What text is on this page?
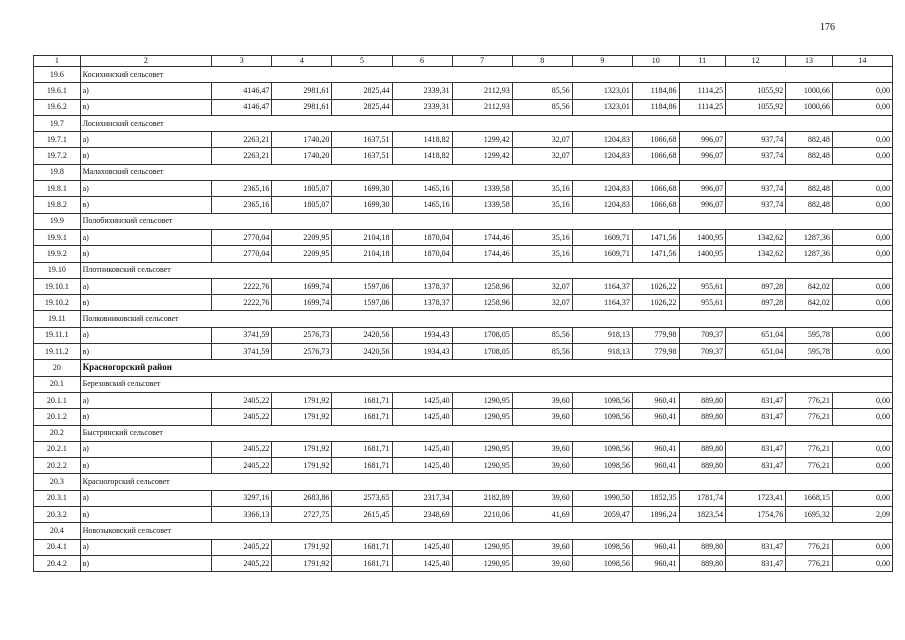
176
1	2	3	4	5	6	7	8	9	10	11	12	13	14
19.6	Косихинский сельсовет												
19.6.1	а)	4146,47	2981,61	2825,44	2339,31	2112,93	85,56	1323,01	1184,86	1114,25	1055,92	1000,66	0,00
19.6.2	в)	4146,47	2981,61	2825,44	2339,31	2112,93	85,56	1323,01	1184,86	1114,25	1055,92	1000,66	0,00
19.7	Лосихинский сельсовет												
19.7.1	а)	2263,21	1740,20	1637,51	1418,82	1299,42	32,07	1204,83	1066,68	996,07	937,74	882,48	0,00
19.7.2	в)	2263,21	1740,20	1637,51	1418,82	1299,42	32,07	1204,83	1066,68	996,07	937,74	882,48	0,00
19.8	Малаховский сельсовет												
19.8.1	а)	2365,16	1805,07	1699,30	1465,16	1339,58	35,16	1204,83	1066,68	996,07	937,74	882,48	0,00
19.8.2	в)	2365,16	1805,07	1699,30	1465,16	1339,58	35,16	1204,83	1066,68	996,07	937,74	882,48	0,00
19.9	Полобихинский сельсовет												
19.9.1	а)	2770,04	2209,95	2104,18	1870,04	1744,46	35,16	1609,71	1471,56	1400,95	1342,62	1287,36	0,00
19.9.2	в)	2770,04	2209,95	2104,18	1870,04	1744,46	35,16	1609,71	1471,56	1400,95	1342,62	1287,36	0,00
19.10	Плотниковский сельсовет												
19.10.1	а)	2222,76	1699,74	1597,06	1378,37	1258,96	32,07	1164,37	1026,22	955,61	897,28	842,02	0,00
19.10.2	в)	2222,76	1699,74	1597,06	1378,37	1258,96	32,07	1164,37	1026,22	955,61	897,28	842,02	0,00
19.11	Полковниковский сельсовет												
19.11.1	а)	3741,59	2576,73	2420,56	1934,43	1708,05	85,56	918,13	779,98	709,37	651,04	595,78	0,00
19.11.2	в)	3741,59	2576,73	2420,56	1934,43	1708,05	85,56	918,13	779,98	709,37	651,04	595,78	0,00
20	Красногорский район												
20.1	Березовский сельсовет												
20.1.1	а)	2405,22	1791,92	1681,71	1425,40	1290,95	39,60	1098,56	960,41	889,80	831,47	776,21	0,00
20.1.2	в)	2405,22	1791,92	1681,71	1425,40	1290,95	39,60	1098,56	960,41	889,80	831,47	776,21	0,00
20.2	Быстрянский сельсовет												
20.2.1	а)	2405,22	1791,92	1681,71	1425,40	1290,95	39,60	1098,56	960,41	889,80	831,47	776,21	0,00
20.2.2	в)	2405,22	1791,92	1681,71	1425,40	1290,95	39,60	1098,56	960,41	889,80	831,47	776,21	0,00
20.3	Красногорский сельсовет												
20.3.1	а)	3297,16	2683,86	2573,65	2317,34	2182,89	39,60	1990,50	1852,35	1781,74	1723,41	1668,15	0,00
20.3.2	в)	3366,13	2727,75	2615,45	2348,69	2210,06	41,69	2059,47	1896,24	1823,54	1754,76	1695,32	2,09
20.4	Новозыковский сельсовет												
20.4.1	а)	2405,22	1791,92	1681,71	1425,40	1290,95	39,60	1098,56	960,41	889,80	831,47	776,21	0,00
20.4.2	в)	2405,22	1791,92	1681,71	1425,40	1290,95	39,60	1098,56	960,41	889,80	831,47	776,21	0,00
